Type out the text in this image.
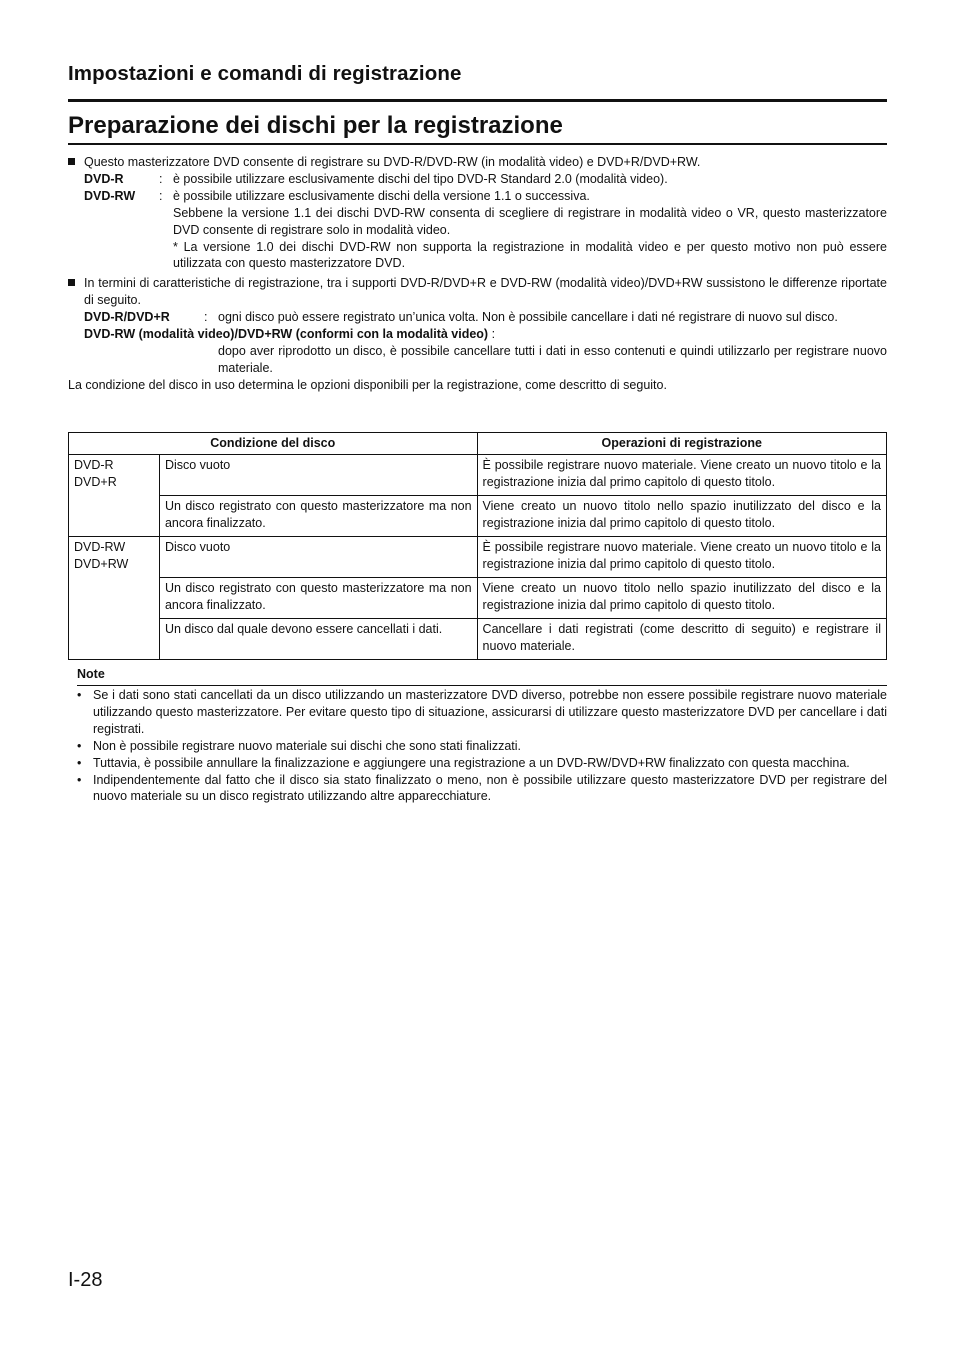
Impostazioni e comandi di registrazione
Preparazione dei dischi per la registrazione
Questo masterizzatore DVD consente di registrare su DVD-R/DVD-RW (in modalità video) e DVD+R/DVD+RW.
DVD-R	: è possibile utilizzare esclusivamente dischi del tipo DVD-R Standard 2.0 (modalità video).
DVD-RW : è possibile utilizzare esclusivamente dischi della versione 1.1 o successiva.
Sebbene la versione 1.1 dei dischi DVD-RW consenta di scegliere di registrare in modalità video o VR, questo masterizzatore DVD consente di registrare solo in modalità video.
* La versione 1.0 dei dischi DVD-RW non supporta la registrazione in modalità video e per questo motivo non può essere utilizzata con questo masterizzatore DVD.
In termini di caratteristiche di registrazione, tra i supporti DVD-R/DVD+R e DVD-RW (modalità video)/DVD+RW sussistono le differenze riportate di seguito.
DVD-R/DVD+R	: ogni disco può essere registrato un’unica volta. Non è possibile cancellare i dati né registrare di nuovo sul disco.
DVD-RW (modalità video)/DVD+RW (conformi con la modalità video) :
dopo aver riprodotto un disco, è possibile cancellare tutti i dati in esso contenuti e quindi utilizzarlo per registrare nuovo materiale.
La condizione del disco in uso determina le opzioni disponibili per la registrazione, come descritto di seguito.
Condizione del disco		Operazioni di registrazione
DVD-R
DVD+R	Disco vuoto	È possibile registrare nuovo materiale. Viene creato un nuovo titolo e la registrazione inizia dal primo capitolo di questo titolo.
	Un disco registrato con questo masterizzatore ma non ancora finalizzato.	Viene creato un nuovo titolo nello spazio inutilizzato del disco e la registrazione inizia dal primo capitolo di questo titolo.
DVD-RW
DVD+RW	Disco vuoto	È possibile registrare nuovo materiale. Viene creato un nuovo titolo e la registrazione inizia dal primo capitolo di questo titolo.
	Un disco registrato con questo masterizzatore ma non ancora finalizzato.	Viene creato un nuovo titolo nello spazio inutilizzato del disco e la registrazione inizia dal primo capitolo di questo titolo.
	Un disco dal quale devono essere cancellati i dati.	Cancellare i dati registrati (come descritto di seguito) e registrare il nuovo materiale.
Note
• Se i dati sono stati cancellati da un disco utilizzando un masterizzatore DVD diverso, potrebbe non essere possibile registrare nuovo materiale utilizzando questo masterizzatore. Per evitare questo tipo di situazione, assicurarsi di utilizzare questo masterizzatore DVD per cancellare i dati registrati.
• Non è possibile registrare nuovo materiale sui dischi che sono stati finalizzati.
• Tuttavia, è possibile annullare la finalizzazione e aggiungere una registrazione a un DVD-RW/DVD+RW finalizzato con questa macchina.
• Indipendentemente dal fatto che il disco sia stato finalizzato o meno, non è possibile utilizzare questo masterizzatore DVD per registrare del nuovo materiale su un disco registrato utilizzando altre apparecchiature.
I-28
